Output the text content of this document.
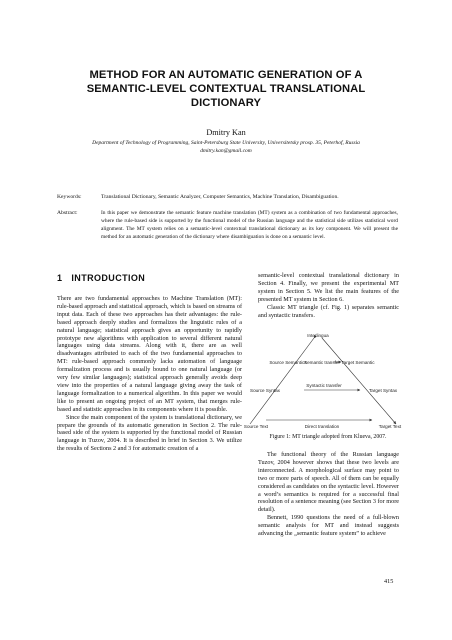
METHOD FOR AN AUTOMATIC GENERATION OF A
SEMANTIC-LEVEL CONTEXTUAL TRANSLATIONAL
DICTIONARY
Dmitry Kan
Department of Technology of Programming, Saint-Petersburg State University, Universitetsky prosp. 35, Peterhof, Russia
dmitry.kan@gmail.com
Keywords:	Translational Dictionary, Semantic Analyzer, Computer Semantics, Machine Translation, Disambiguation.
Abstract:	In this paper we demonstrate the semantic feature machine translation (MT) system as a combination of two fundamental approaches, where the rule-based side is supported by the functional model of the Russian language and the statistical side utilizes statistical word alignment. The MT system relies on a semantic-level contextual translational dictionary as its key component. We will present the method for an automatic generation of the dictionary where disambiguation is done on a semantic level.
1 INTRODUCTION

There are two fundamental approaches to Machine Translation (MT): rule-based approach and statistical approach, which is based on streams of input data. Each of these two approaches has their advantages: the rule-based approach deeply studies and formalizes the linguistic rules of a natural language; statistical approach gives an opportunity to rapidly prototype new algorithms with application to several different natural languages using data streams. Along with it, there are as well disadvantages attributed to each of the two fundamental approaches to MT: rule-based approach commonly lacks automation of language formalization process and is usually bound to one natural language (or very few similar languages); statistical approach generally avoids deep view into the properties of a natural language giving away the task of language formalization to a numerical algorithm. In this paper we would like to present an ongoing project of an MT system, that merges rule-based and statistic approaches in its components where it is possible.

Since the main component of the system is translational dictionary, we prepare the grounds of its automatic generation in Section 2. The rule-based side of the system is supported by the functional model of Russian language in Tuzov, 2004. It is described in brief in Section 3. We utilize the results of Sections 2 and 3 for automatic creation of a

semantic-level contextual translational dictionary in Section 4. Finally, we present the experimental MT system in Section 5. We list the main features of the presented MT system in Section 6.

Classic MT triangle (cf. Fig. 1) separates semantic and syntactic transfers.

Interlingua
Source Semantics
Semantic transfer Target Semantic
Source Syntax
Syntactic transfer
Target Syntax
Source Text	Direct translation	Target Text
Figure 1: MT triangle adopted from Klueva, 2007.

The functional theory of the Russian language Tuzov, 2004 however shows that these two levels are interconnected. A morphological surface may point to two or more parts of speech. All of them can be equally considered as candidates on the syntactic level. However a word’s semantics is required for a successful final resolution of a sentence meaning (see Section 3 for more detail).

Bennett, 1990 questions the need of a full-blown semantic analysis for MT and instead suggests advancing the „semantic feature system” to achieve

415
